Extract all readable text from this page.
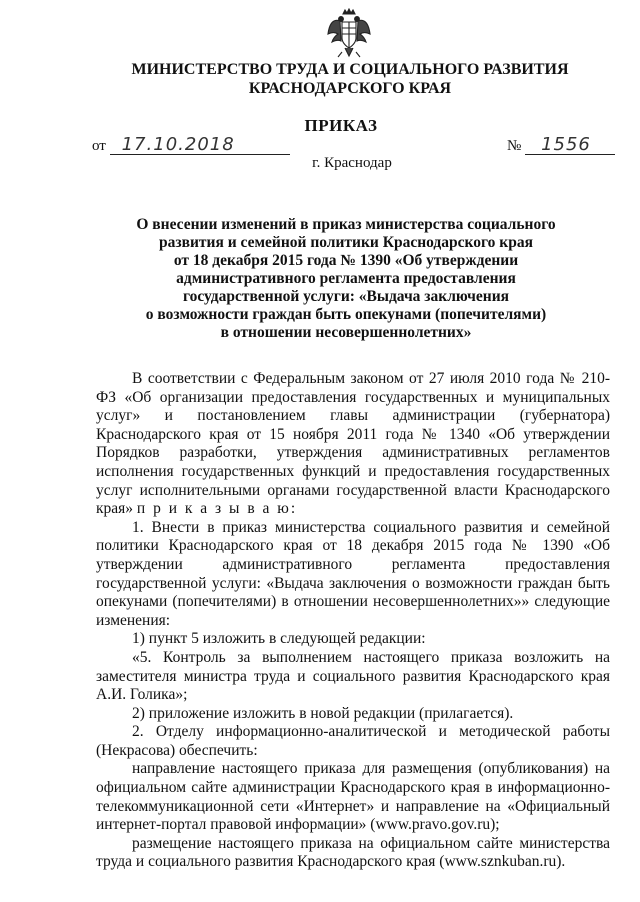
МИНИСТЕРСТВО ТРУДА И СОЦИАЛЬНОГО РАЗВИТИЯ
КРАСНОДАРСКОГО КРАЯ
ПРИКАЗ
от 17.10.2018	№ 1556
г. Краснодар
О внесении изменений в приказ министерства социального
развития и семейной политики Краснодарского края
от 18 декабря 2015 года № 1390 «Об утверждении
административного регламента предоставления
государственной услуги: «Выдача заключения
о возможности граждан быть опекунами (попечителями)
в отношении несовершеннолетних»

В соответствии с Федеральным законом от 27 июля 2010 года № 210-ФЗ «Об организации предоставления государственных и муниципальных услуг» и постановлением главы администрации (губернатора) Краснодарского края от 15 ноября 2011 года № 1340 «Об утверждении Порядков разработки, утверждения административных регламентов исполнения государственных функций и предоставления государственных услуг исполнительными органами государственной власти Краснодарского края» п р и к а з ы в а ю:

1. Внести в приказ министерства социального развития и семейной политики Краснодарского края от 18 декабря 2015 года № 1390 «Об утверждении административного регламента предоставления государственной услуги: «Выдача заключения о возможности граждан быть опекунами (попечителями) в отношении несовершеннолетних»» следующие изменения:

1) пункт 5 изложить в следующей редакции:

«5. Контроль за выполнением настоящего приказа возложить на заместителя министра труда и социального развития Краснодарского края А.И. Голика»;

2) приложение изложить в новой редакции (прилагается).

2. Отделу информационно-аналитической и методической работы (Некрасова) обеспечить:

направление настоящего приказа для размещения (опубликования) на официальном сайте администрации Краснодарского края в информационно-телекоммуникационной сети «Интернет» и направление на «Официальный интернет-портал правовой информации» (www.pravo.gov.ru);

размещение настоящего приказа на официальном сайте министерства труда и социального развития Краснодарского края (www.sznkuban.ru).
